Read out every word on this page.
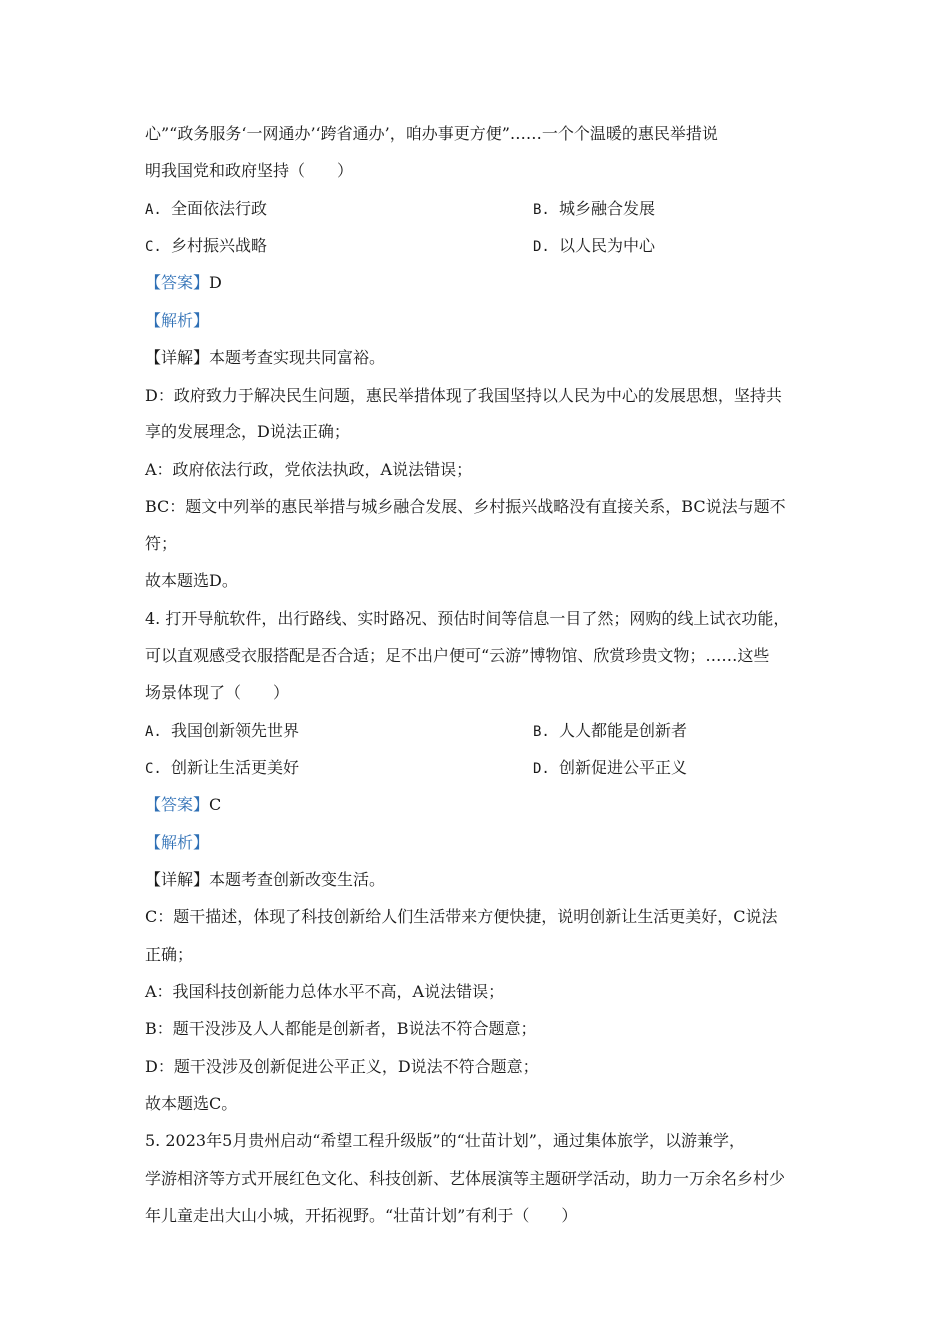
心”“政务服务‘一网通办’‘跨省通办’，咱办事更方便”……一个个温暖的惠民举措说
明我国党和政府坚持（　　）
A. 全面依法行政	B. 城乡融合发展
C. 乡村振兴战略	D. 以人民为中心
【答案】D
【解析】
【详解】本题考查实现共同富裕。
D：政府致力于解决民生问题，惠民举措体现了我国坚持以人民为中心的发展思想，坚持共
享的发展理念，D说法正确；
A：政府依法行政，党依法执政，A说法错误；
BC：题文中列举的惠民举措与城乡融合发展、乡村振兴战略没有直接关系，BC说法与题不
符；
故本题选D。
4. 打开导航软件，出行路线、实时路况、预估时间等信息一目了然；网购的线上试衣功能，
可以直观感受衣服搭配是否合适；足不出户便可“云游”博物馆、欣赏珍贵文物；……这些
场景体现了（　　）
A. 我国创新领先世界	B. 人人都能是创新者
C. 创新让生活更美好	D. 创新促进公平正义
【答案】C
【解析】
【详解】本题考查创新改变生活。
C：题干描述，体现了科技创新给人们生活带来方便快捷，说明创新让生活更美好，C说法
正确；
A：我国科技创新能力总体水平不高，A说法错误；
B：题干没涉及人人都能是创新者，B说法不符合题意；
D：题干没涉及创新促进公平正义，D说法不符合题意；
故本题选C。
5. 2023年5月贵州启动“希望工程升级版”的“壮苗计划”，通过集体旅学，以游兼学，
学游相济等方式开展红色文化、科技创新、艺体展演等主题研学活动，助力一万余名乡村少
年儿童走出大山小城，开拓视野。“壮苗计划”有利于（　　）
